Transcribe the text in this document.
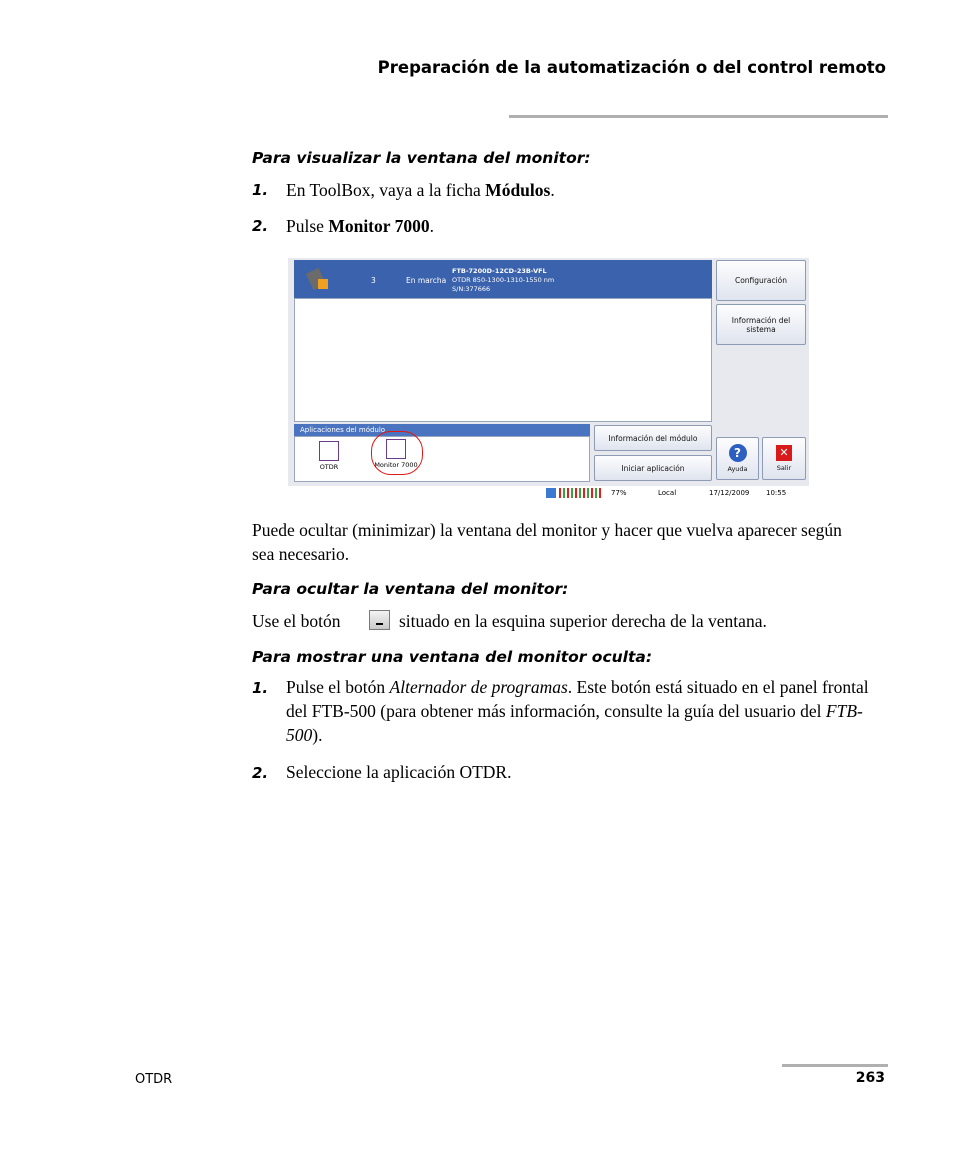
Preparación de la automatización o del control remoto
Para visualizar la ventana del monitor:
1. En ToolBox, vaya a la ficha Módulos.
2. Pulse Monitor 7000.
3	En marcha
FTB-7200D-12CD-23B-VFL
OTDR 850-1300-1310-1550 nm
S/N:377666
Configuración
Información del sistema
Aplicaciones del módulo
OTDR	Monitor 7000
Información del módulo
Iniciar aplicación
?
Ayuda
✕
Salir
77%	Local	17/12/2009 10:55
Puede ocultar (minimizar) la ventana del monitor y hacer que vuelva aparecer según sea necesario.
Para ocultar la ventana del monitor:
Use el botón	situado en la esquina superior derecha de la ventana.
Para mostrar una ventana del monitor oculta:
1. Pulse el botón Alternador de programas. Este botón está situado en el panel frontal del FTB-500 (para obtener más información, consulte la guía del usuario del FTB-500).
2. Seleccione la aplicación OTDR.
OTDR	263
